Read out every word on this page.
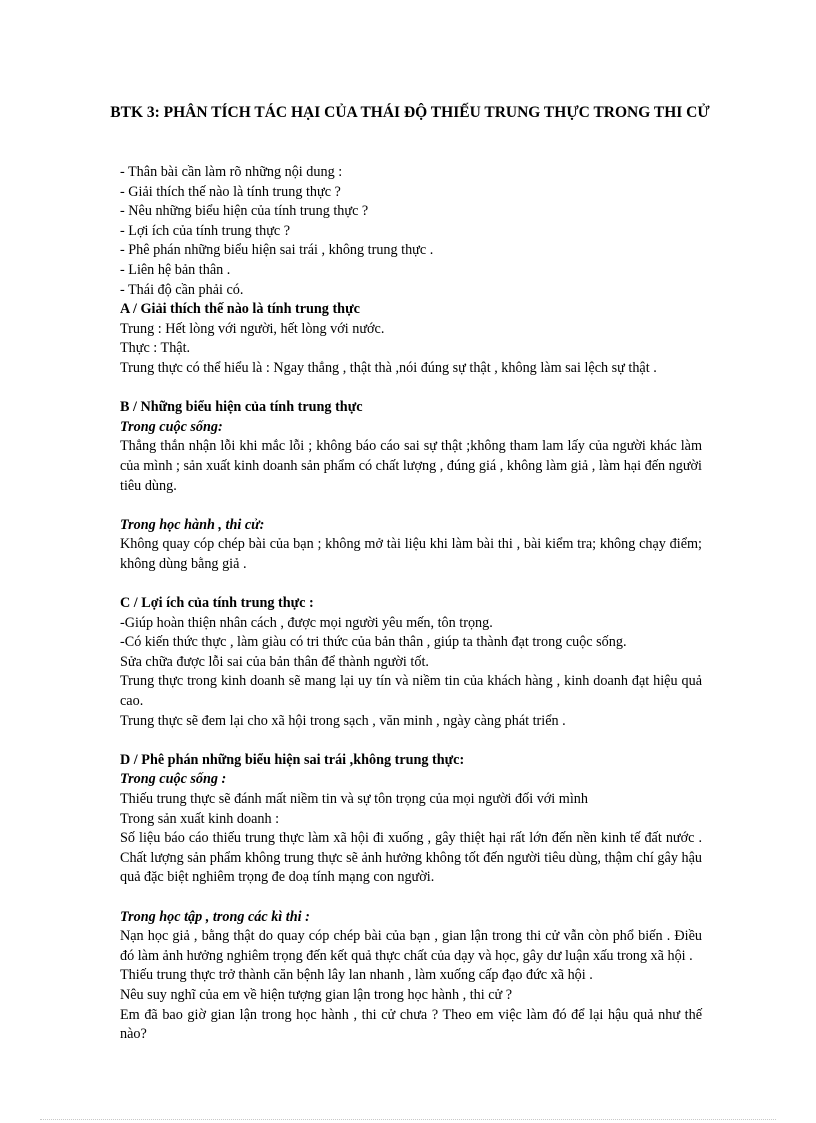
BTK 3: PHÂN TÍCH TÁC HẠI CỦA THÁI ĐỘ THIẾU TRUNG THỰC TRONG THI CỬ

- Thân bài cần làm rõ những nội dung :

- Giải thích thế nào là tính trung thực ?

- Nêu những biểu hiện của tính trung thực ?

- Lợi ích của tính trung thực ?

- Phê phán những biểu hiện sai trái , không trung thực .

- Liên hệ bản thân .

- Thái độ cần phải có.

A / Giải thích thế nào là tính trung thực

Trung : Hết lòng với người, hết lòng với nước.

Thực : Thật.

Trung thực có thể hiểu là : Ngay thẳng , thật thà ,nói đúng sự thật , không làm sai lệch sự thật .

B / Những biểu hiện của tính trung thực

Trong cuộc sống:

Thẳng thắn nhận lỗi khi mắc lỗi ; không báo cáo sai sự thật ;không tham lam lấy của người khác làm của mình ; sản xuất kinh doanh sản phẩm có chất lượng , đúng giá , không làm giả , làm hại đến người tiêu dùng.

Trong học hành , thi cử:

Không quay cóp chép bài của bạn ; không mở tài liệu khi làm bài thi , bài kiểm tra; không chạy điểm; không dùng bằng giả .

C / Lợi ích của tính trung thực :

-Giúp hoàn thiện nhân cách , được mọi người yêu mến, tôn trọng.

-Có kiến thức thực , làm giàu có tri thức của bản thân , giúp ta thành đạt trong cuộc sống.

Sửa chữa được lỗi sai của bản thân để thành người tốt.

Trung thực trong kinh doanh sẽ mang lại uy tín và niềm tin của khách hàng , kinh doanh đạt hiệu quả cao.

Trung thực sẽ đem lại cho xã hội trong sạch , văn minh , ngày càng phát triển .

D / Phê phán những biểu hiện sai trái ,không trung thực:

Trong cuộc sống :

Thiếu trung thực sẽ đánh mất niềm tin và sự tôn trọng của mọi người đối với mình

Trong sản xuất kinh doanh :

Số liệu báo cáo thiếu trung thực làm xã hội đi xuống , gây thiệt hại rất lớn đến nền kinh tế đất nước . Chất lượng sản phẩm không trung thực sẽ ảnh hưởng không tốt đến người tiêu dùng, thậm chí gây hậu quả đặc biệt nghiêm trọng đe doạ tính mạng con người.

Trong học tập , trong các kì thi :

Nạn học giả , bằng thật do quay cóp chép bài của bạn , gian lận trong thi cử vẫn còn phổ biến . Điều đó làm ảnh hưởng nghiêm trọng đến kết quả thực chất của dạy và học, gây dư luận xấu trong xã hội .

Thiếu trung thực trở thành căn bệnh lây lan nhanh , làm xuống cấp đạo đức xã hội .

Nêu suy nghĩ của em về hiện tượng gian lận trong học hành , thi cử ?

Em đã bao giờ gian lận trong học hành , thi cử chưa ? Theo em việc làm đó để lại hậu quả như thế nào?
